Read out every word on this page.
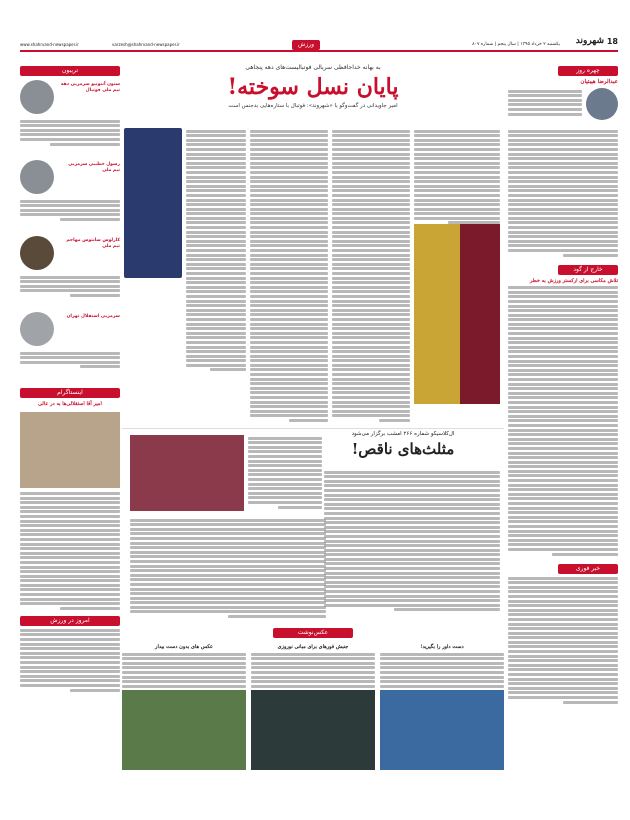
18
شهروند
یکشنبه ۲ خرداد ۱۳۹۵ | سال پنجم | شماره ۸۰۷
www.shahrvand-newspaper.ir	varzesh@shahrvand-newspaper.ir	ورزش
تریبون
ستون آنتونیو سرمربی دهه تیم ملی فوتبال
رسول خطیبی سرمربی تیم ملی
کارلوس سانتوس مهاجم تیم ملی
سرمربی استقلال تهران
اینستاگرام
امیر آقا استقلالی‌ها به در عالی
امروز در ورزش
چهره روز
عبدالرضا هیبتیان
خارج از گود
تلاش مکاسی برای ارکستر ورزش به خطر
خبر فوری
به بهانه خداحافظی سربالی فوتبالیست‌های دهه پنجاهی
پایان نسل سوخته!
امیر جاویدانی در گفت‌وگو با «شهروند»: فوتبال با ستاره‌هایی بدجنس است
ال‌کلاسیکو شماره ۲۶۶ امشب برگزار می‌شود
مثلث‌های ناقص!
عکس‌نوشت
دست داور را بگیرید!
جنبش فورهای برای مبانی نوروزی
عکس های بدون دست بیدار
